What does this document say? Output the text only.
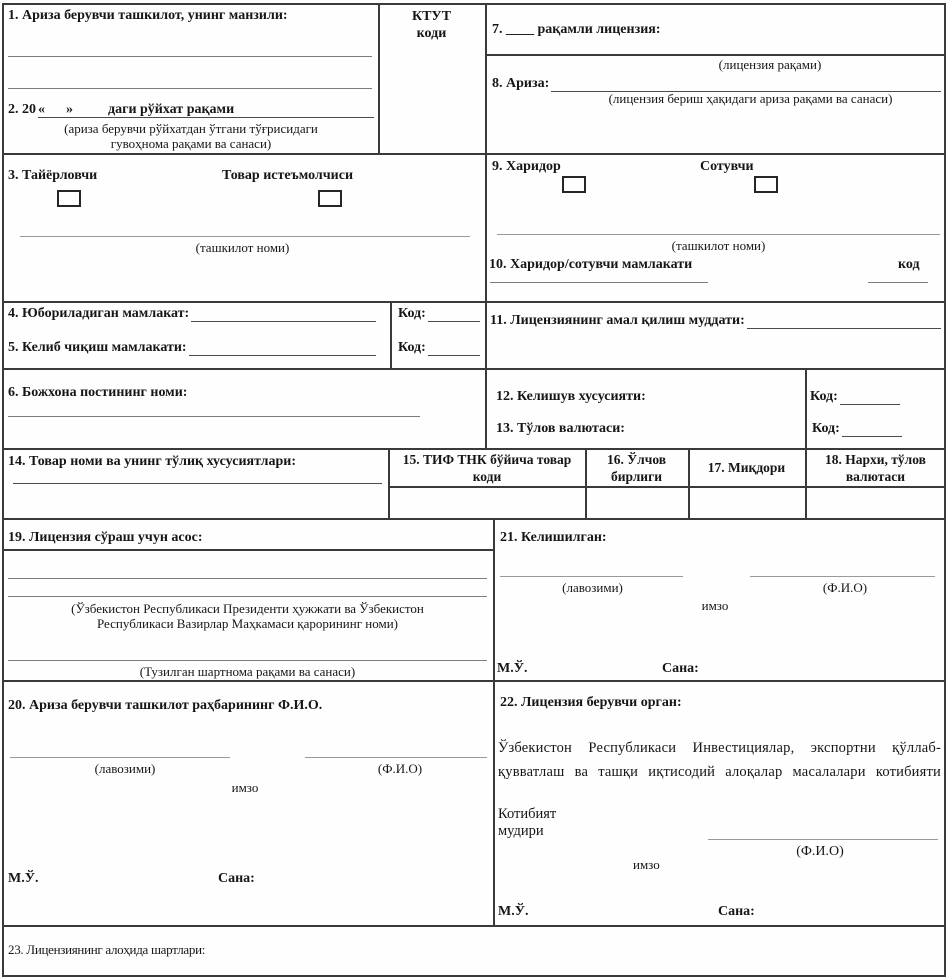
1. Ариза берувчи ташкилот, унинг манзили:
2. 20 «      »          даги рўйхат рақами
(ариза берувчи рўйхатдан ўтгани тўғрисидаги
гувоҳнома рақами ва санаси)
КТУТ
коди	7. ____ рақамли лицензия:
(лицензия рақами)
8. Ариза:
(лицензия бериш ҳақидаги ариза рақами ва санаси)
3. Тайёрловчи	Товар истеъмолчиси
(ташкилот номи)
9. Харидор	Сотувчи
(ташкилот номи)
10. Харидор/сотувчи мамлакати	код
4. Юбориладиган мамлакат:	Код:
5. Келиб чиқиш мамлакати:	Код:
11. Лицензиянинг амал қилиш муддати:
6. Божхона постининг номи:	12. Келишув хусусияти:	Код:
13. Тўлов валютаси:	Код:
14. Товар номи ва унинг тўлиқ хусусиятлари:	15. ТИФ ТНК бўйича товар коди
16. Ўлчов бирлиги
17. Миқдори
18. Нархи, тўлов валютаси
19. Лицензия сўраш учун асос:
(Ўзбекистон Республикаси Президенти ҳужжати ва Ўзбекистон
Республикаси Вазирлар Маҳкамаси қарорининг номи)
(Тузилган шартнома рақами ва санаси)
21. Келишилган:
(лавозими)	(Ф.И.О)
имзо
М.Ў.	Сана:
20. Ариза берувчи ташкилот раҳбарининг Ф.И.О.
(лавозими)	(Ф.И.О)
имзо
М.Ў.	Сана:
22. Лицензия берувчи орган:
Ўзбекистон Республикаси Инвестициялар, экспортни қўллаб-қувватлаш ва ташқи иқтисодий алоқалар масалалари котибияти
Котибият
мудири
(Ф.И.О)
имзо
М.Ў.	Сана:
23. Лицензиянинг алоҳида шартлари:
